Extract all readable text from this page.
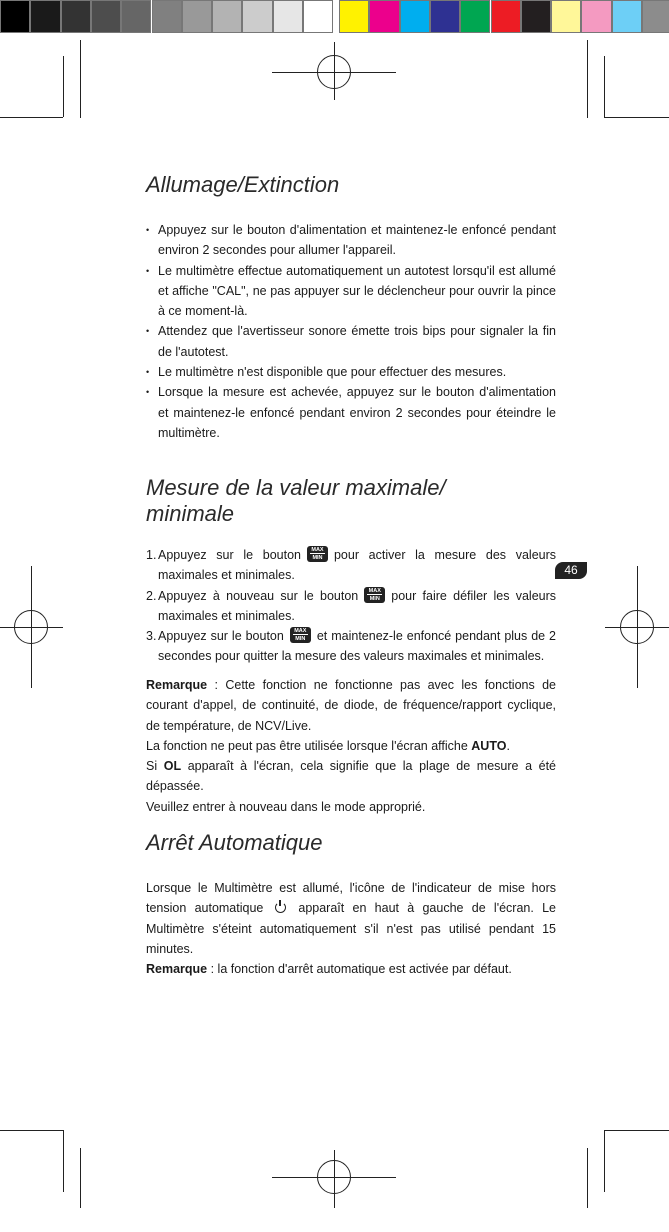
46
Allumage/Extinction
• Appuyez sur le bouton d'alimentation et maintenez-le enfoncé pendant environ 2 secondes pour allumer l'appareil.
• Le multimètre effectue automatiquement un autotest lorsqu'il est allumé et affiche "CAL", ne pas appuyer sur le déclencheur pour ouvrir la pince à ce moment-là.
• Attendez que l'avertisseur sonore émette trois bips pour signaler la fin de l'autotest.
• Le multimètre n'est disponible que pour effectuer des mesures.
• Lorsque la mesure est achevée, appuyez sur le bouton d'alimentation et maintenez-le enfoncé pendant environ 2 secondes pour éteindre le multimètre.
Mesure de la valeur maximale/
minimale
1. Appuyez sur le bouton	MAX
MIN pour activer la mesure des valeurs maximales et minimales.
2. Appuyez à nouveau sur le bouton	MAX
MIN pour faire défiler les valeurs maximales et minimales.
3. Appuyez sur le bouton	MAX
MIN et maintenez-le enfoncé pendant plus de 2 secondes pour quitter la mesure des valeurs maximales et minimales.
Remarque : Cette fonction ne fonctionne pas avec les fonctions de courant d'appel, de continuité, de diode, de fréquence/rapport cyclique, de température, de NCV/Live.
La fonction ne peut pas être utilisée lorsque l'écran affiche AUTO.
Si OL apparaît à l'écran, cela signifie que la plage de mesure a été dépassée.
Veuillez entrer à nouveau dans le mode approprié.
Arrêt Automatique
Lorsque le Multimètre est allumé, l'icône de l'indicateur de mise hors tension automatique	apparaît en haut à gauche de l'écran. Le Multimètre s'éteint automatiquement s'il n'est pas utilisé pendant 15 minutes.
Remarque : la fonction d'arrêt automatique est activée par défaut.
